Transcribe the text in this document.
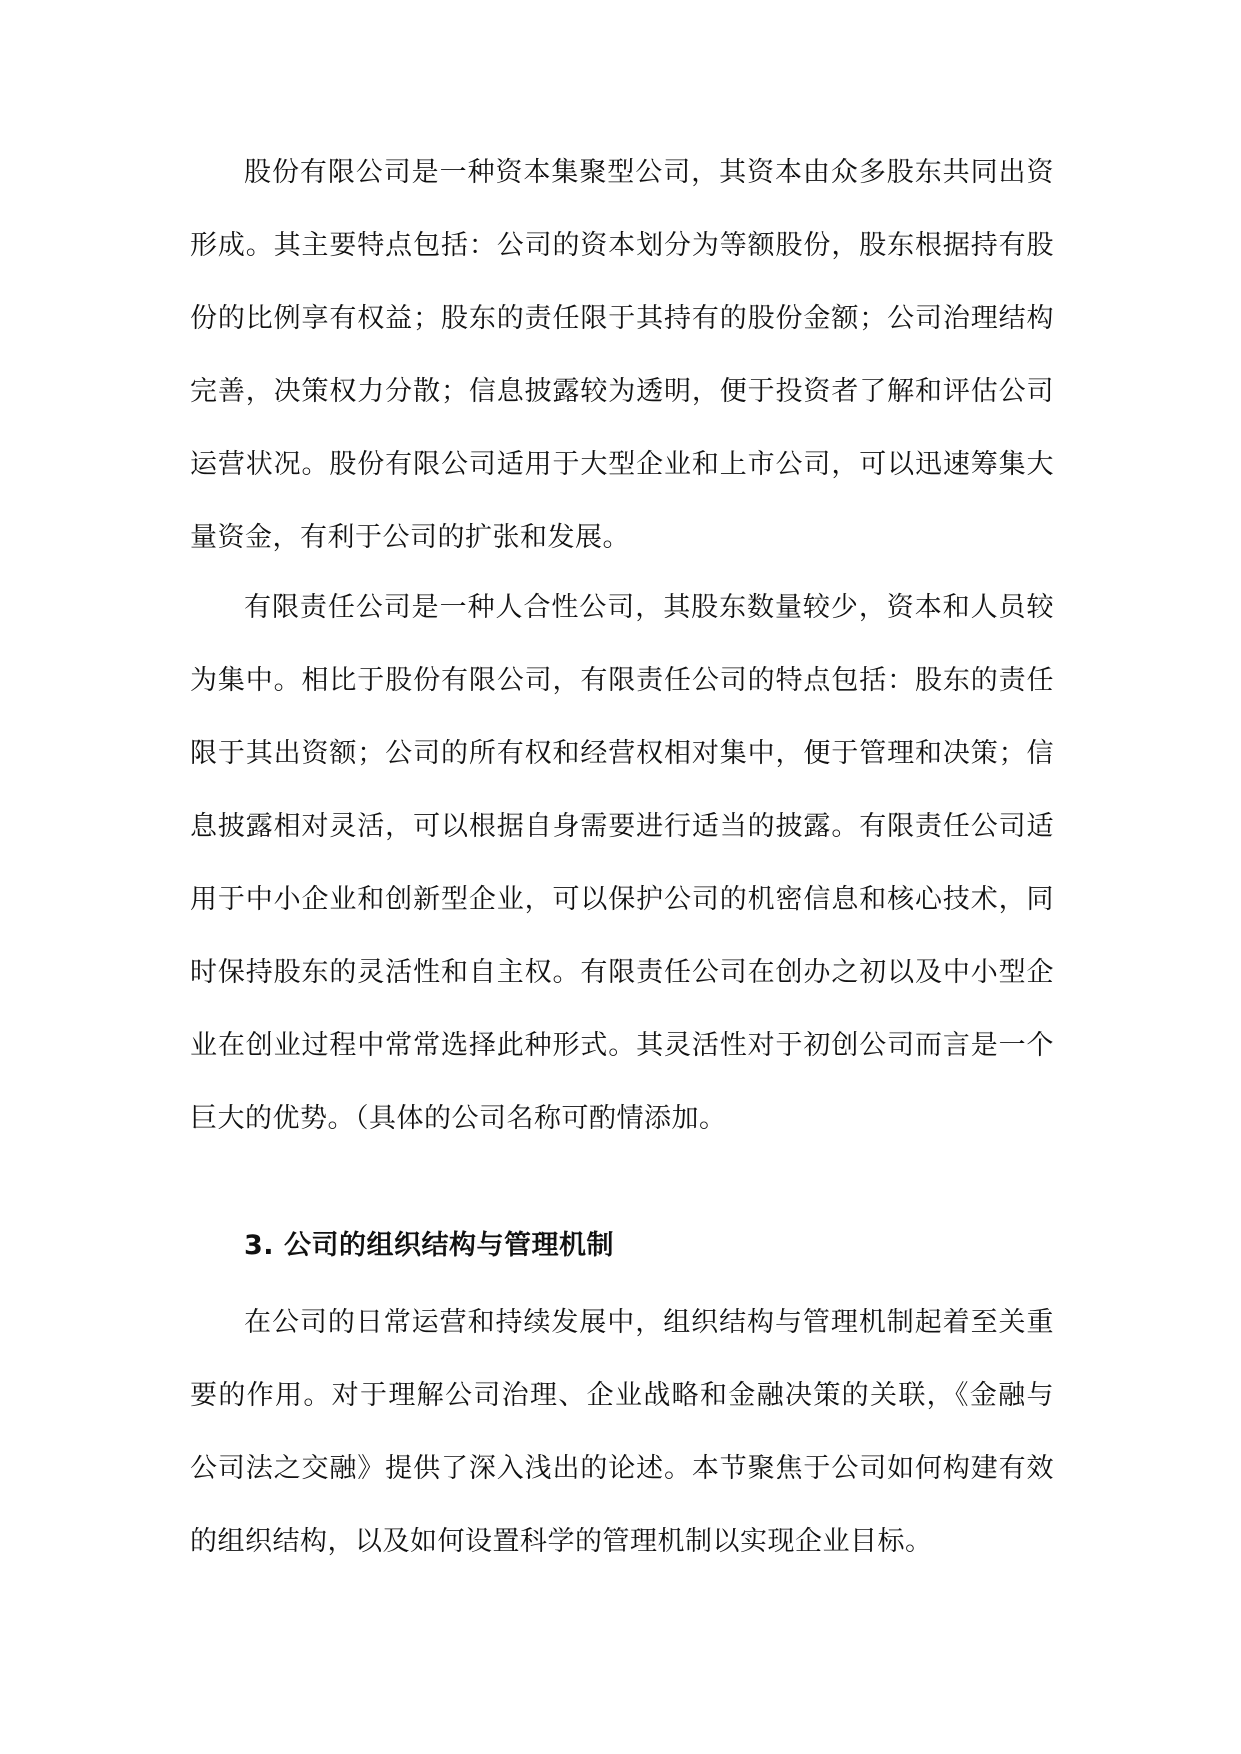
股份有限公司是一种资本集聚型公司，其资本由众多股东共同出资形成。其主要特点包括：公司的资本划分为等额股份，股东根据持有股份的比例享有权益；股东的责任限于其持有的股份金额；公司治理结构完善，决策权力分散；信息披露较为透明，便于投资者了解和评估公司运营状况。股份有限公司适用于大型企业和上市公司，可以迅速筹集大量资金，有利于公司的扩张和发展。

有限责任公司是一种人合性公司，其股东数量较少，资本和人员较为集中。相比于股份有限公司，有限责任公司的特点包括：股东的责任限于其出资额；公司的所有权和经营权相对集中，便于管理和决策；信息披露相对灵活，可以根据自身需要进行适当的披露。有限责任公司适用于中小企业和创新型企业，可以保护公司的机密信息和核心技术，同时保持股东的灵活性和自主权。有限责任公司在创办之初以及中小型企业在创业过程中常常选择此种形式。其灵活性对于初创公司而言是一个巨大的优势。（具体的公司名称可酌情添加。

3. 公司的组织结构与管理机制

在公司的日常运营和持续发展中，组织结构与管理机制起着至关重要的作用。对于理解公司治理、企业战略和金融决策的关联，《金融与公司法之交融》提供了深入浅出的论述。本节聚焦于公司如何构建有效的组织结构，以及如何设置科学的管理机制以实现企业目标。
